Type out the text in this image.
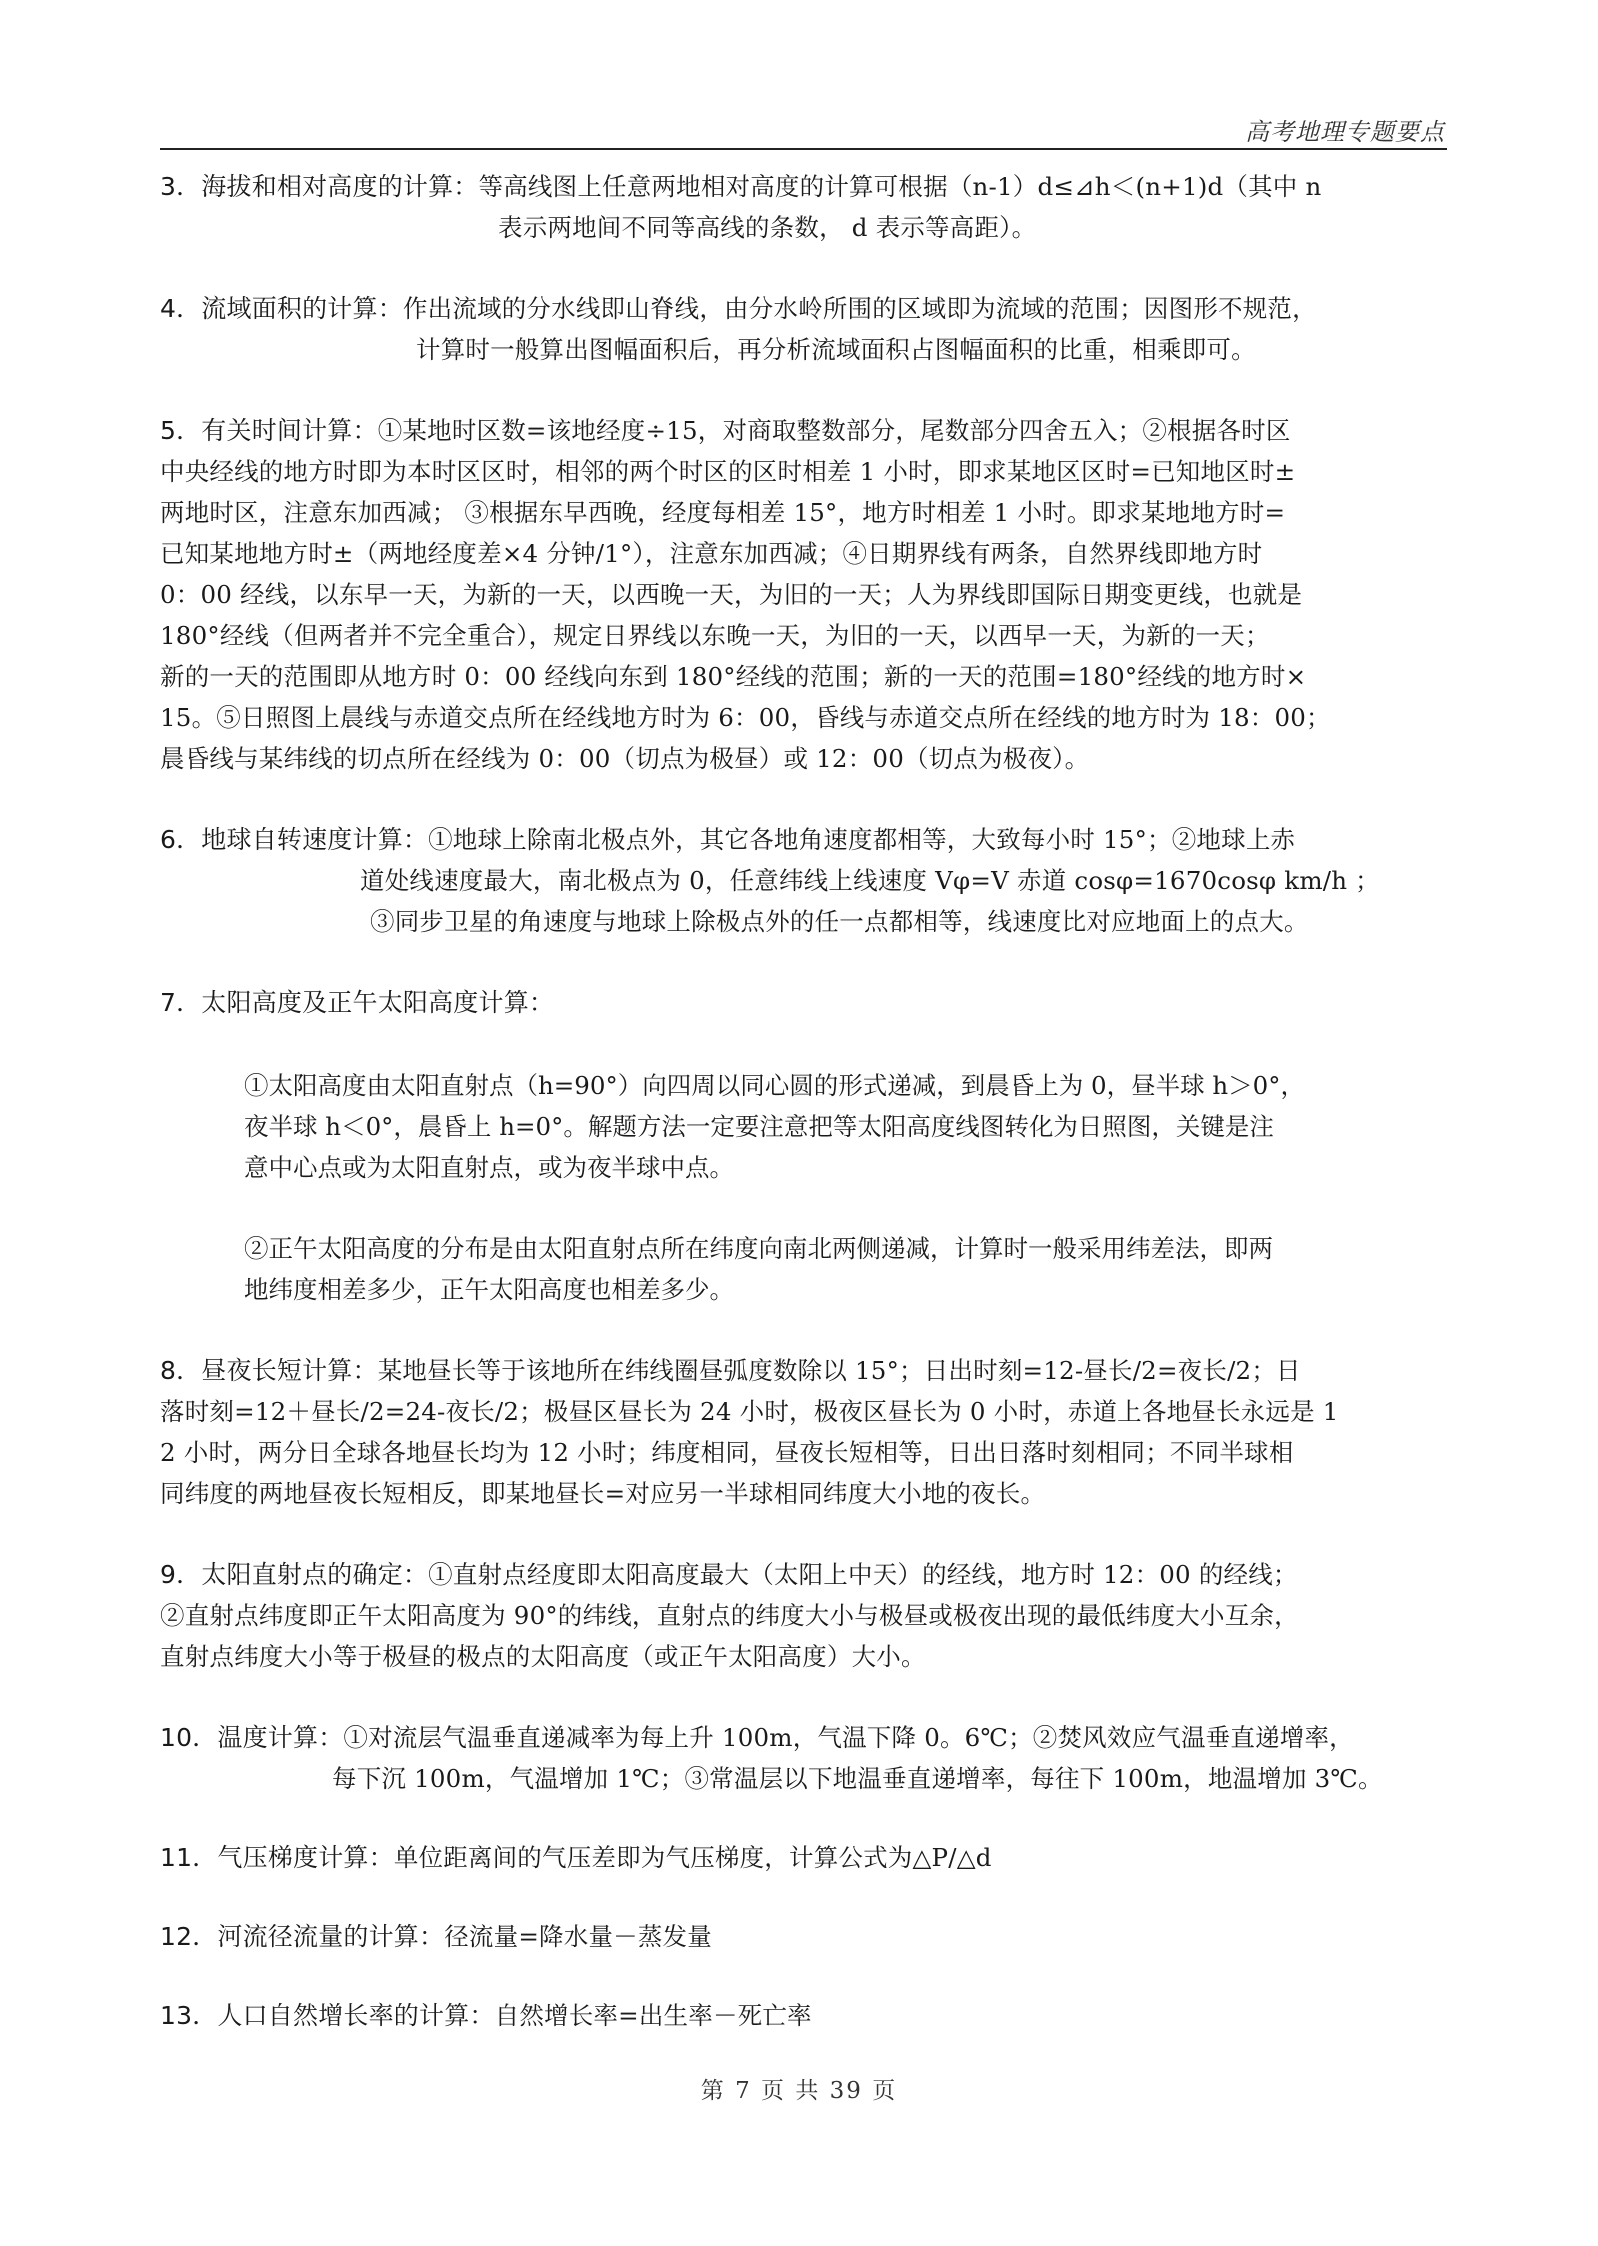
高考地理专题要点
3．海拔和相对高度的计算：等高线图上任意两地相对高度的计算可根据（n-1）d≤⊿h＜(n+1)d（其中 n
表示两地间不同等高线的条数， d 表示等高距）。
4．流域面积的计算：作出流域的分水线即山脊线，由分水岭所围的区域即为流域的范围；因图形不规范，
计算时一般算出图幅面积后，再分析流域面积占图幅面积的比重，相乘即可。
5．有关时间计算：①某地时区数=该地经度÷15，对商取整数部分，尾数部分四舍五入；②根据各时区
中央经线的地方时即为本时区区时，相邻的两个时区的区时相差 1 小时，即求某地区区时=已知地区时±
两地时区，注意东加西减； ③根据东早西晚，经度每相差 15°，地方时相差 1 小时。即求某地地方时=
已知某地地方时±（两地经度差×4 分钟/1°），注意东加西减；④日期界线有两条，自然界线即地方时
0：00 经线，以东早一天，为新的一天，以西晚一天，为旧的一天；人为界线即国际日期变更线，也就是
180°经线（但两者并不完全重合），规定日界线以东晚一天，为旧的一天，以西早一天，为新的一天；
新的一天的范围即从地方时 0：00 经线向东到 180°经线的范围；新的一天的范围=180°经线的地方时×
15。⑤日照图上晨线与赤道交点所在经线地方时为 6：00，昏线与赤道交点所在经线的地方时为 18：00；
晨昏线与某纬线的切点所在经线为 0：00（切点为极昼）或 12：00（切点为极夜）。
6．地球自转速度计算：①地球上除南北极点外，其它各地角速度都相等，大致每小时 15°；②地球上赤
道处线速度最大，南北极点为 0，任意纬线上线速度 Vφ=V 赤道 cosφ=1670cosφ km/h ；
③同步卫星的角速度与地球上除极点外的任一点都相等，线速度比对应地面上的点大。
7．太阳高度及正午太阳高度计算：
①太阳高度由太阳直射点（h=90°）向四周以同心圆的形式递减，到晨昏上为 0，昼半球 h＞0°，
夜半球 h＜0°，晨昏上 h=0°。解题方法一定要注意把等太阳高度线图转化为日照图，关键是注
意中心点或为太阳直射点，或为夜半球中点。
②正午太阳高度的分布是由太阳直射点所在纬度向南北两侧递减，计算时一般采用纬差法，即两
地纬度相差多少，正午太阳高度也相差多少。
8．昼夜长短计算：某地昼长等于该地所在纬线圈昼弧度数除以 15°；日出时刻=12-昼长/2=夜长/2；日
落时刻=12＋昼长/2=24-夜长/2；极昼区昼长为 24 小时，极夜区昼长为 0 小时，赤道上各地昼长永远是 1
2 小时，两分日全球各地昼长均为 12 小时；纬度相同，昼夜长短相等，日出日落时刻相同；不同半球相
同纬度的两地昼夜长短相反，即某地昼长=对应另一半球相同纬度大小地的夜长。
9．太阳直射点的确定：①直射点经度即太阳高度最大（太阳上中天）的经线，地方时 12：00 的经线；
②直射点纬度即正午太阳高度为 90°的纬线，直射点的纬度大小与极昼或极夜出现的最低纬度大小互余，
直射点纬度大小等于极昼的极点的太阳高度（或正午太阳高度）大小。
10．温度计算：①对流层气温垂直递减率为每上升 100m，气温下降 0。6℃；②焚风效应气温垂直递增率，
每下沉 100m，气温增加 1℃；③常温层以下地温垂直递增率，每往下 100m，地温增加 3℃。
11．气压梯度计算：单位距离间的气压差即为气压梯度，计算公式为△P/△d
12．河流径流量的计算：径流量=降水量－蒸发量
13．人口自然增长率的计算：自然增长率=出生率－死亡率
第 7 页 共 39 页
